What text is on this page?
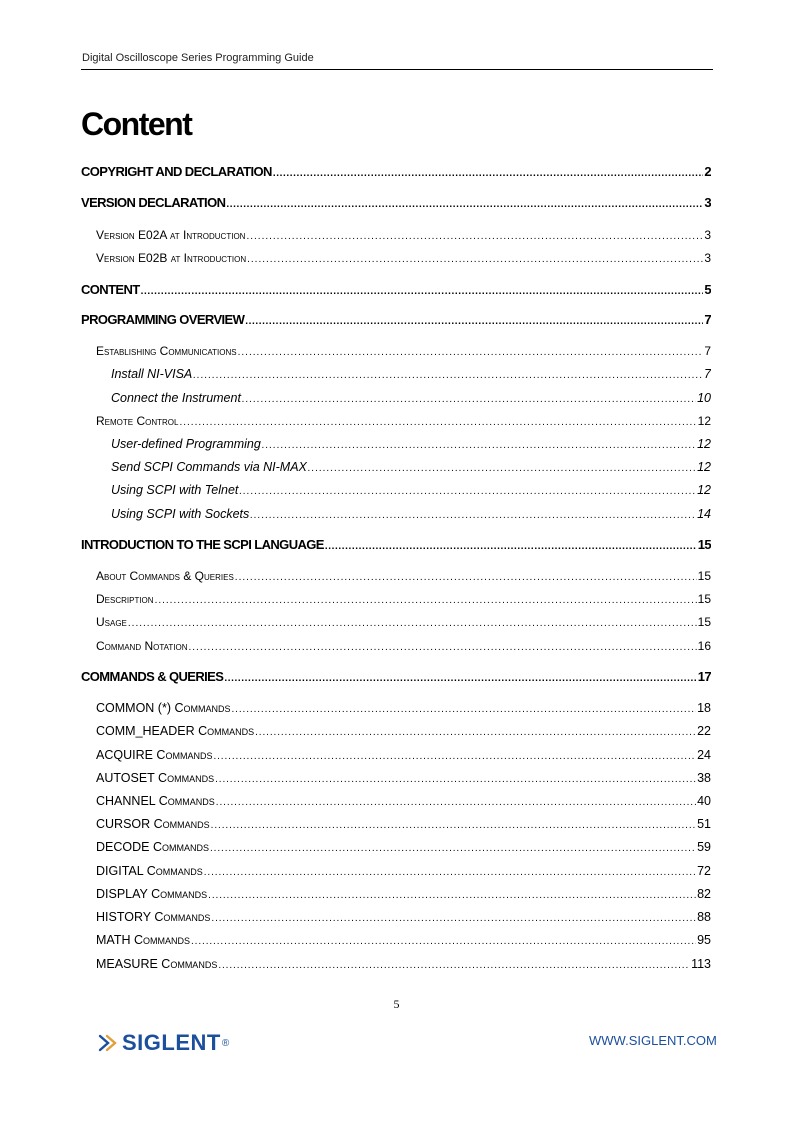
Digital Oscilloscope Series Programming Guide
Content
COPYRIGHT AND DECLARATION .....	2
VERSION DECLARATION .....	3
Version E02A at Introduction .....	3
Version E02B at Introduction .....	3
CONTENT .....	5
PROGRAMMING OVERVIEW .....	7
Establishing Communications .....	7
Install NI-VISA .....	7
Connect the Instrument .....	10
Remote Control .....	12
User-defined Programming .....	12
Send SCPI Commands via NI-MAX .....	12
Using SCPI with Telnet .....	12
Using SCPI with Sockets .....	14
INTRODUCTION TO THE SCPI LANGUAGE .....	15
About Commands & Queries .....	15
Description .....	15
Usage .....	15
Command Notation .....	16
COMMANDS & QUERIES .....	17
COMMON (*) Commands .....	18
COMM_HEADER Commands .....	22
ACQUIRE Commands .....	24
AUTOSET Commands .....	38
CHANNEL Commands .....	40
CURSOR Commands .....	51
DECODE Commands .....	59
DIGITAL Commands .....	72
DISPLAY Commands .....	82
HISTORY Commands .....	88
MATH Commands .....	95
MEASURE Commands .....	113
5
SIGLENT ®	WWW.SIGLENT.COM
